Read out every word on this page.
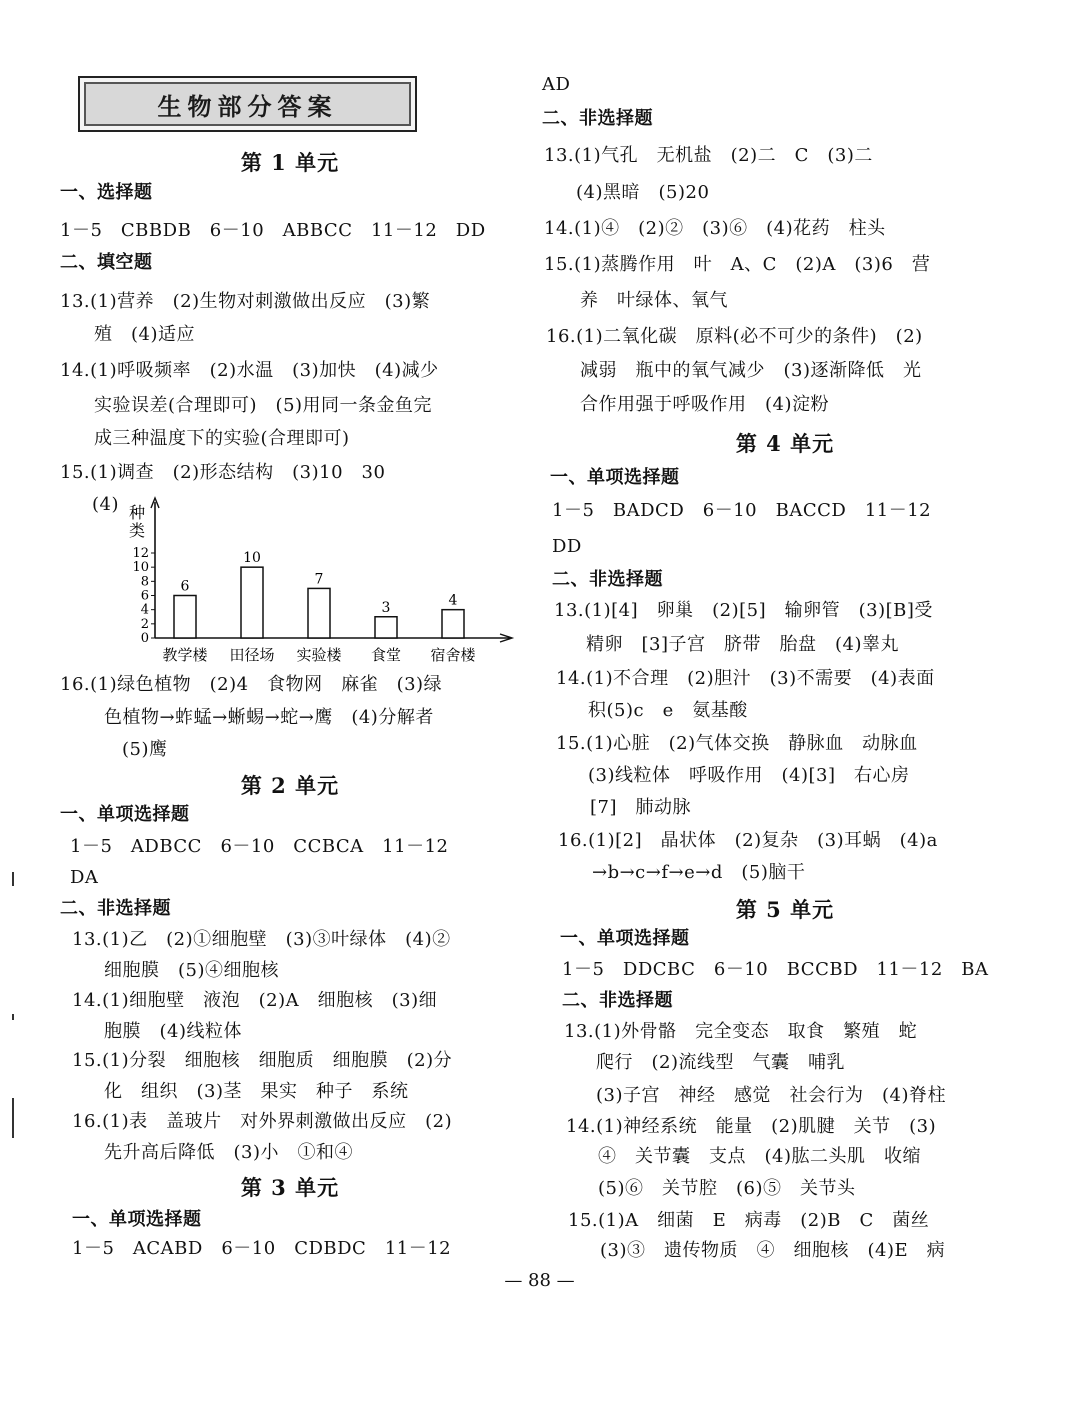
生物部分答案
第 1 单元
一、选择题
1－5　CBBDB　6－10　ABBCC　11－12　DD
二、填空题
13.(1)营养　(2)生物对刺激做出反应　(3)繁
殖　(4)适应
14.(1)呼吸频率　(2)水温　(3)加快　(4)减少
实验误差(合理即可)　(5)用同一条金鱼完
成三种温度下的实验(合理即可)
15.(1)调查　(2)形态结构　(3)10　30
(4)
16.(1)绿色植物　(2)4　食物网　麻雀　(3)绿
色植物→蚱蜢→蜥蜴→蛇→鹰　(4)分解者
(5)鹰
第 2 单元
一、单项选择题
1－5　ADBCC　6－10　CCBCA　11－12
DA
二、非选择题
13.(1)乙　(2)①细胞壁　(3)③叶绿体　(4)②
细胞膜　(5)④细胞核
14.(1)细胞壁　液泡　(2)A　细胞核　(3)细
胞膜　(4)线粒体
15.(1)分裂　细胞核　细胞质　细胞膜　(2)分
化　组织　(3)茎　果实　种子　系统
16.(1)表　盖玻片　对外界刺激做出反应　(2)
先升高后降低　(3)小　①和④
第 3 单元
一、单项选择题
1－5　ACABD　6－10　CDBDC　11－12
种
类
0
2
4
6
8
10
12
6
教学楼
10
田径场
7
实验楼
3
食堂
4
宿舍楼
AD
二、非选择题
13.(1)气孔　无机盐　(2)二　C　(3)二
(4)黑暗　(5)20
14.(1)④　(2)②　(3)⑥　(4)花药　柱头
15.(1)蒸腾作用　叶　A、C　(2)A　(3)6　营
养　叶绿体、氧气
16.(1)二氧化碳　原料(必不可少的条件)　(2)
减弱　瓶中的氧气减少　(3)逐渐降低　光
合作用强于呼吸作用　(4)淀粉
第 4 单元
一、单项选择题
1－5　BADCD　6－10　BACCD　11－12
DD
二、非选择题
13.(1)[4]　卵巢　(2)[5]　输卵管　(3)[B]受
精卵　[3]子宫　脐带　胎盘　(4)睾丸
14.(1)不合理　(2)胆汁　(3)不需要　(4)表面
积(5)c　e　氨基酸
15.(1)心脏　(2)气体交换　静脉血　动脉血
(3)线粒体　呼吸作用　(4)[3]　右心房
[7]　肺动脉
16.(1)[2]　晶状体　(2)复杂　(3)耳蜗　(4)a
→b→c→f→e→d　(5)脑干
第 5 单元
一、单项选择题
1－5　DDCBC　6－10　BCCBD　11－12　BA
二、非选择题
13.(1)外骨骼　完全变态　取食　繁殖　蛇
爬行　(2)流线型　气囊　哺乳
(3)子宫　神经　感觉　社会行为　(4)脊柱
14.(1)神经系统　能量　(2)肌腱　关节　(3)
④　关节囊　支点　(4)肱二头肌　收缩
(5)⑥　关节腔　(6)⑤　关节头
15.(1)A　细菌　E　病毒　(2)B　C　菌丝
(3)③　遗传物质　④　细胞核　(4)E　病
— 88 —
